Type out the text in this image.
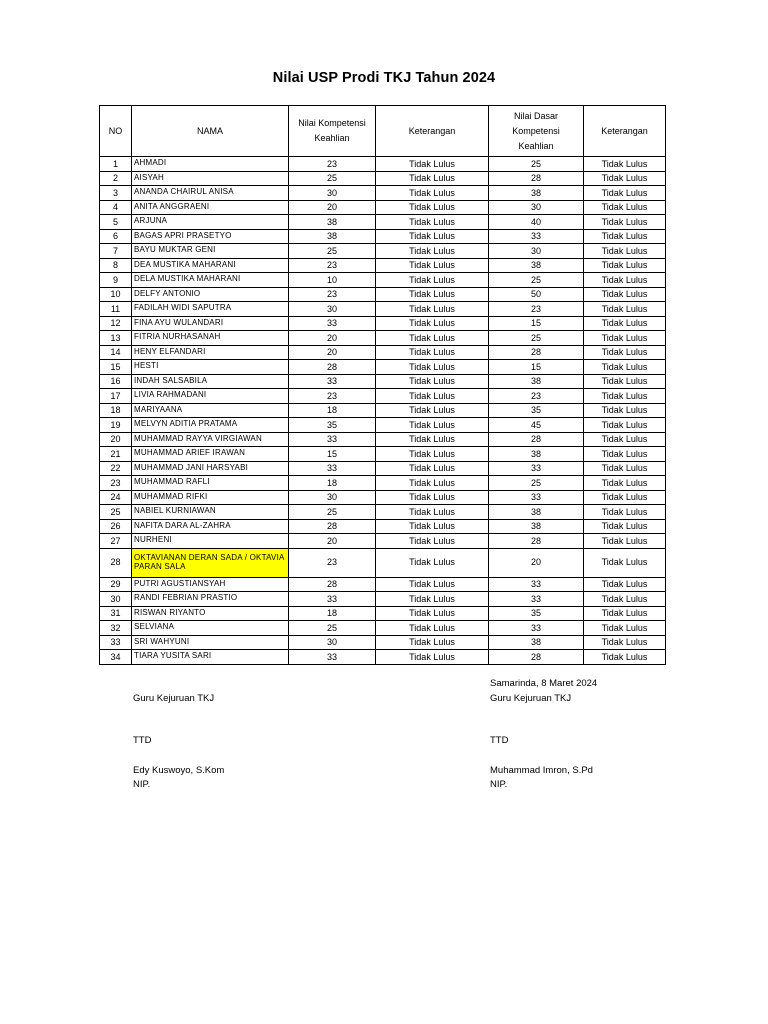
Nilai USP Prodi TKJ Tahun 2024
NO	NAMA	Nilai Kompetensi Keahlian	Keterangan	Nilai Dasar Kompetensi Keahlian	Keterangan
1	AHMADI	23	Tidak Lulus	25	Tidak Lulus
2	AISYAH	25	Tidak Lulus	28	Tidak Lulus
3	ANANDA CHAIRUL ANISA	30	Tidak Lulus	38	Tidak Lulus
4	ANITA ANGGRAENI	20	Tidak Lulus	30	Tidak Lulus
5	ARJUNA	38	Tidak Lulus	40	Tidak Lulus
6	BAGAS APRI PRASETYO	38	Tidak Lulus	33	Tidak Lulus
7	BAYU MUKTAR GENI	25	Tidak Lulus	30	Tidak Lulus
8	DEA MUSTIKA MAHARANI	23	Tidak Lulus	38	Tidak Lulus
9	DELA MUSTIKA MAHARANI	10	Tidak Lulus	25	Tidak Lulus
10	DELFY ANTONIO	23	Tidak Lulus	50	Tidak Lulus
11	FADILAH WIDI SAPUTRA	30	Tidak Lulus	23	Tidak Lulus
12	FINA AYU WULANDARI	33	Tidak Lulus	15	Tidak Lulus
13	FITRIA NURHASANAH	20	Tidak Lulus	25	Tidak Lulus
14	HENY ELFANDARI	20	Tidak Lulus	28	Tidak Lulus
15	HESTI	28	Tidak Lulus	15	Tidak Lulus
16	INDAH SALSABILA	33	Tidak Lulus	38	Tidak Lulus
17	LIVIA RAHMADANI	23	Tidak Lulus	23	Tidak Lulus
18	MARIYAANA	18	Tidak Lulus	35	Tidak Lulus
19	MELVYN ADITIA PRATAMA	35	Tidak Lulus	45	Tidak Lulus
20	MUHAMMAD RAYYA VIRGIAWAN	33	Tidak Lulus	28	Tidak Lulus
21	MUHAMMAD ARIEF IRAWAN	15	Tidak Lulus	38	Tidak Lulus
22	MUHAMMAD JANI HARSYABI	33	Tidak Lulus	33	Tidak Lulus
23	MUHAMMAD RAFLI	18	Tidak Lulus	25	Tidak Lulus
24	MUHAMMAD RIFKI	30	Tidak Lulus	33	Tidak Lulus
25	NABIEL KURNIAWAN	25	Tidak Lulus	38	Tidak Lulus
26	NAFITA DARA AL-ZAHRA	28	Tidak Lulus	38	Tidak Lulus
27	NURHENI	20	Tidak Lulus	28	Tidak Lulus
28	OKTAVIANAN DERAN SADA / OKTAVIA PARAN SALA	23	Tidak Lulus	20	Tidak Lulus
29	PUTRI AGUSTIANSYAH	28	Tidak Lulus	33	Tidak Lulus
30	RANDI FEBRIAN PRASTIO	33	Tidak Lulus	33	Tidak Lulus
31	RISWAN RIYANTO	18	Tidak Lulus	35	Tidak Lulus
32	SELVIANA	25	Tidak Lulus	33	Tidak Lulus
33	SRI WAHYUNI	30	Tidak Lulus	38	Tidak Lulus
34	TIARA YUSITA SARI	33	Tidak Lulus	28	Tidak Lulus
Guru Kejuruan TKJ
TTD
Edy Kuswoyo, S.Kom
NIP.
Samarinda, 8 Maret 2024
Guru Kejuruan TKJ
TTD
Muhammad Imron, S.Pd
NIP.
